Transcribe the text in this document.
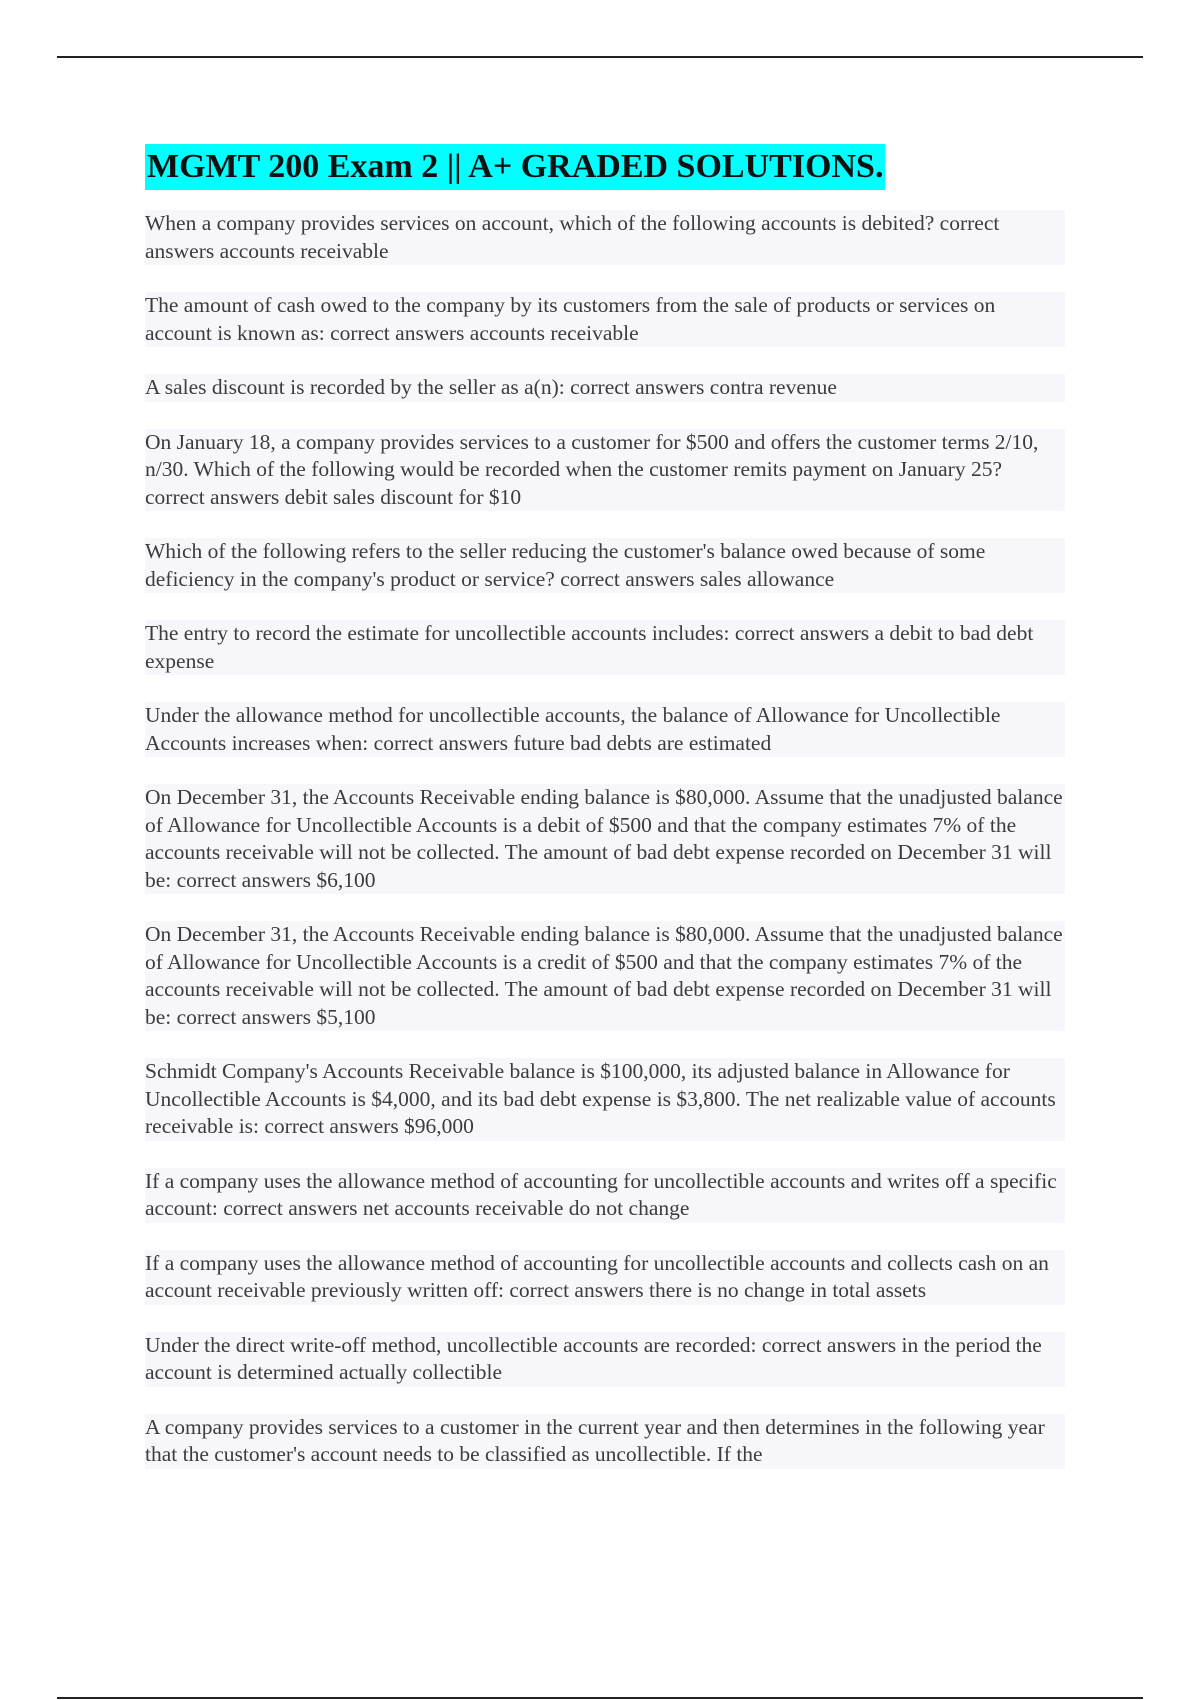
MGMT 200 Exam 2 || A+ GRADED SOLUTIONS.
When a company provides services on account, which of the following accounts is debited? correct answers accounts receivable
The amount of cash owed to the company by its customers from the sale of products or services on account is known as: correct answers accounts receivable
A sales discount is recorded by the seller as a(n): correct answers contra revenue
On January 18, a company provides services to a customer for $500 and offers the customer terms 2/10, n/30. Which of the following would be recorded when the customer remits payment on January 25? correct answers debit sales discount for $10
Which of the following refers to the seller reducing the customer's balance owed because of some deficiency in the company's product or service? correct answers sales allowance
The entry to record the estimate for uncollectible accounts includes: correct answers a debit to bad debt expense
Under the allowance method for uncollectible accounts, the balance of Allowance for Uncollectible Accounts increases when: correct answers future bad debts are estimated
On December 31, the Accounts Receivable ending balance is $80,000. Assume that the unadjusted balance of Allowance for Uncollectible Accounts is a debit of $500 and that the company estimates 7% of the accounts receivable will not be collected. The amount of bad debt expense recorded on December 31 will be: correct answers $6,100
On December 31, the Accounts Receivable ending balance is $80,000. Assume that the unadjusted balance of Allowance for Uncollectible Accounts is a credit of $500 and that the company estimates 7% of the accounts receivable will not be collected. The amount of bad debt expense recorded on December 31 will be: correct answers $5,100
Schmidt Company's Accounts Receivable balance is $100,000, its adjusted balance in Allowance for Uncollectible Accounts is $4,000, and its bad debt expense is $3,800. The net realizable value of accounts receivable is: correct answers $96,000
If a company uses the allowance method of accounting for uncollectible accounts and writes off a specific account: correct answers net accounts receivable do not change
If a company uses the allowance method of accounting for uncollectible accounts and collects cash on an account receivable previously written off: correct answers there is no change in total assets
Under the direct write-off method, uncollectible accounts are recorded: correct answers in the period the account is determined actually collectible
A company provides services to a customer in the current year and then determines in the following year that the customer's account needs to be classified as uncollectible. If the
